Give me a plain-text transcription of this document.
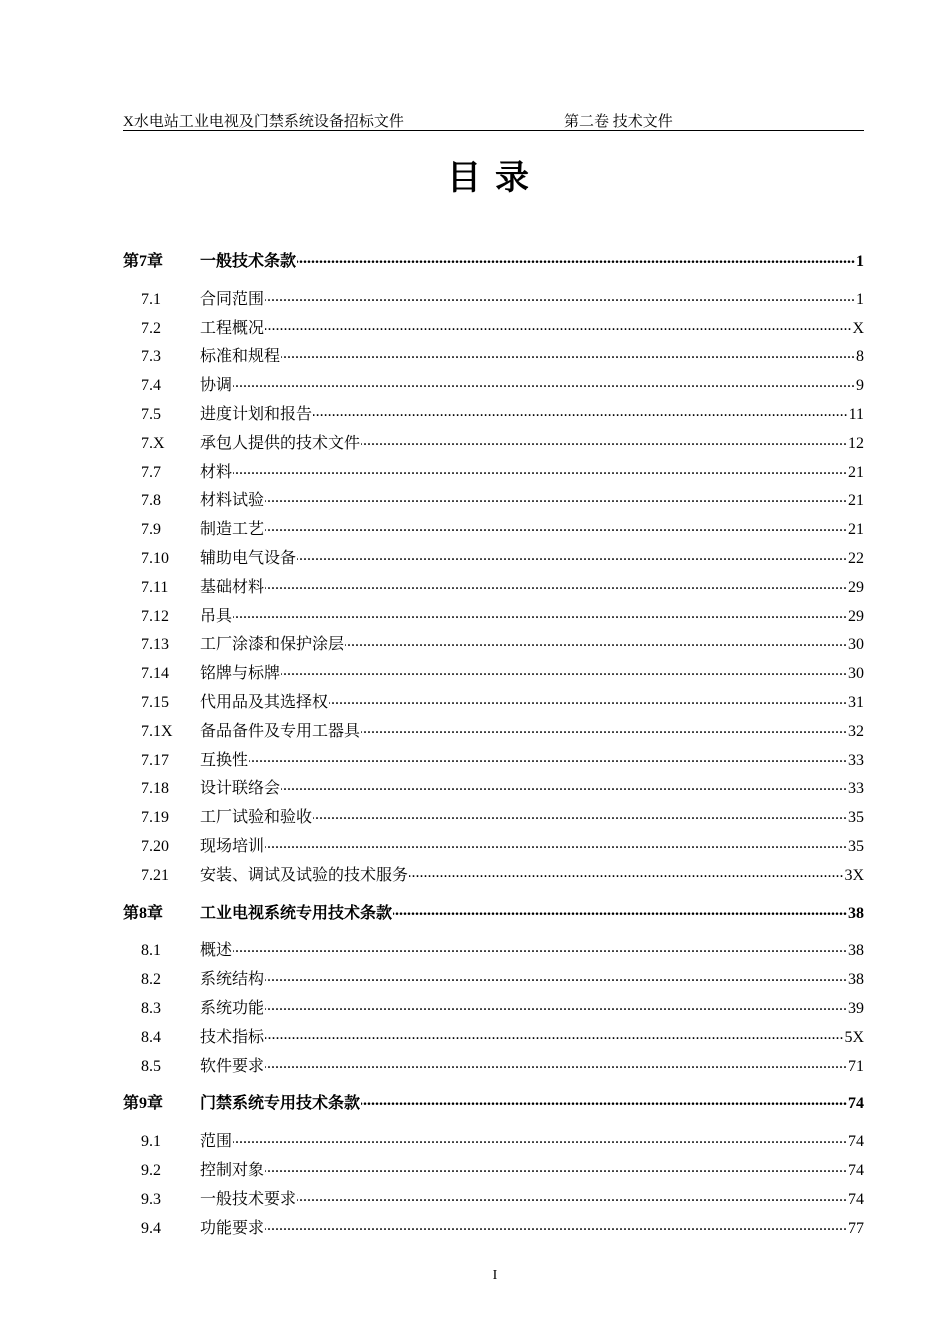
X水电站工业电视及门禁系统设备招标文件	第二卷 技术文件
目录
第7章	一般技术条款 .....	1
7.1	合同范围 .....	1
7.2	工程概况 .....	X
7.3	标准和规程 .....	8
7.4	协调 .....	9
7.5	进度计划和报告 .....	11
7.X	承包人提供的技术文件 .....	12
7.7	材料 .....	21
7.8	材料试验 .....	21
7.9	制造工艺 .....	21
7.10	辅助电气设备 .....	22
7.11	基础材料 .....	29
7.12	吊具 .....	29
7.13	工厂涂漆和保护涂层 .....	30
7.14	铭牌与标牌 .....	30
7.15	代用品及其选择权 .....	31
7.1X	备品备件及专用工器具 .....	32
7.17	互换性 .....	33
7.18	设计联络会 .....	33
7.19	工厂试验和验收 .....	35
7.20	现场培训 .....	35
7.21	安装、调试及试验的技术服务 .....	3X
第8章	工业电视系统专用技术条款 .....	38
8.1	概述 .....	38
8.2	系统结构 .....	38
8.3	系统功能 .....	39
8.4	技术指标 .....	5X
8.5	软件要求 .....	71
第9章	门禁系统专用技术条款 .....	74
9.1	范围 .....	74
9.2	控制对象 .....	74
9.3	一般技术要求 .....	74
9.4	功能要求 .....	77
I
